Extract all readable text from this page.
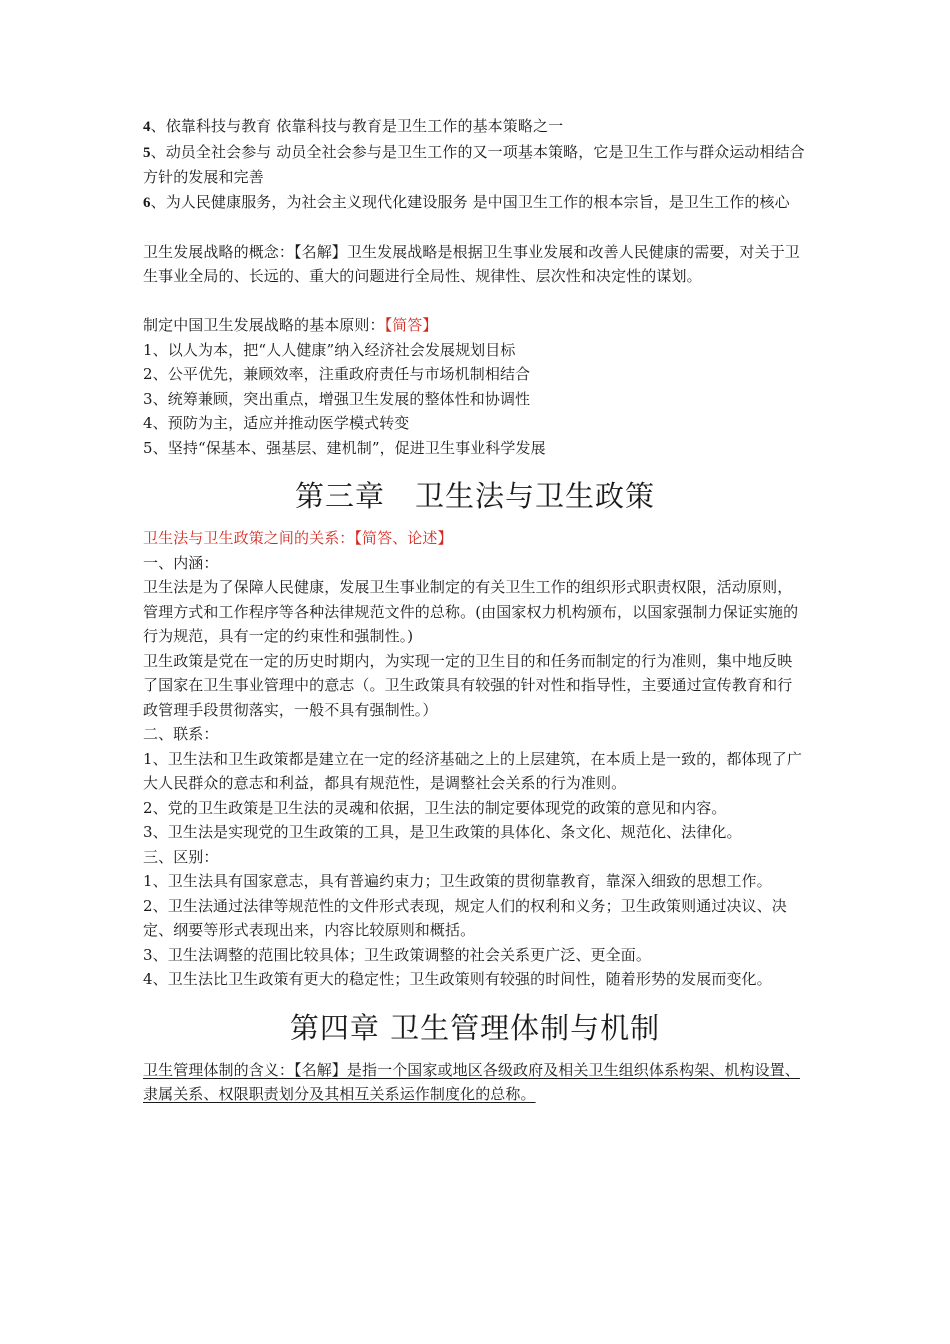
4、依靠科技与教育 依靠科技与教育是卫生工作的基本策略之一

5、动员全社会参与 动员全社会参与是卫生工作的又一项基本策略，它是卫生工作与群众运动相结合方针的发展和完善

6、为人民健康服务，为社会主义现代化建设服务 是中国卫生工作的根本宗旨，是卫生工作的核心

卫生发展战略的概念：【名解】卫生发展战略是根据卫生事业发展和改善人民健康的需要，对关于卫生事业全局的、长远的、重大的问题进行全局性、规律性、层次性和决定性的谋划。

制定中国卫生发展战略的基本原则：【简答】

1、以人为本，把“人人健康”纳入经济社会发展规划目标

2、公平优先，兼顾效率，注重政府责任与市场机制相结合

3、统筹兼顾，突出重点，增强卫生发展的整体性和协调性

4、预防为主，适应并推动医学模式转变

5、坚持“保基本、强基层、建机制”，促进卫生事业科学发展

第三章　卫生法与卫生政策

卫生法与卫生政策之间的关系：【简答、论述】

一、内涵：

卫生法是为了保障人民健康，发展卫生事业制定的有关卫生工作的组织形式职责权限，活动原则，管理方式和工作程序等各种法律规范文件的总称。(由国家权力机构颁布，以国家强制力保证实施的行为规范，具有一定的约束性和强制性。)

卫生政策是党在一定的历史时期内，为实现一定的卫生目的和任务而制定的行为准则，集中地反映了国家在卫生事业管理中的意志（。卫生政策具有较强的针对性和指导性，主要通过宣传教育和行政管理手段贯彻落实，一般不具有强制性。）

二、联系：

1、卫生法和卫生政策都是建立在一定的经济基础之上的上层建筑，在本质上是一致的，都体现了广大人民群众的意志和利益，都具有规范性，是调整社会关系的行为准则。

2、党的卫生政策是卫生法的灵魂和依据，卫生法的制定要体现党的政策的意见和内容。

3、卫生法是实现党的卫生政策的工具，是卫生政策的具体化、条文化、规范化、法律化。

三、区别：

1、卫生法具有国家意志，具有普遍约束力；卫生政策的贯彻靠教育，靠深入细致的思想工作。

2、卫生法通过法律等规范性的文件形式表现，规定人们的权利和义务；卫生政策则通过决议、决定、纲要等形式表现出来，内容比较原则和概括。

3、卫生法调整的范围比较具体；卫生政策调整的社会关系更广泛、更全面。

4、卫生法比卫生政策有更大的稳定性；卫生政策则有较强的时间性，随着形势的发展而变化。

第四章 卫生管理体制与机制

卫生管理体制的含义：【名解】是指一个国家或地区各级政府及相关卫生组织体系构架、机构设置、隶属关系、权限职责划分及其相互关系运作制度化的总称。
